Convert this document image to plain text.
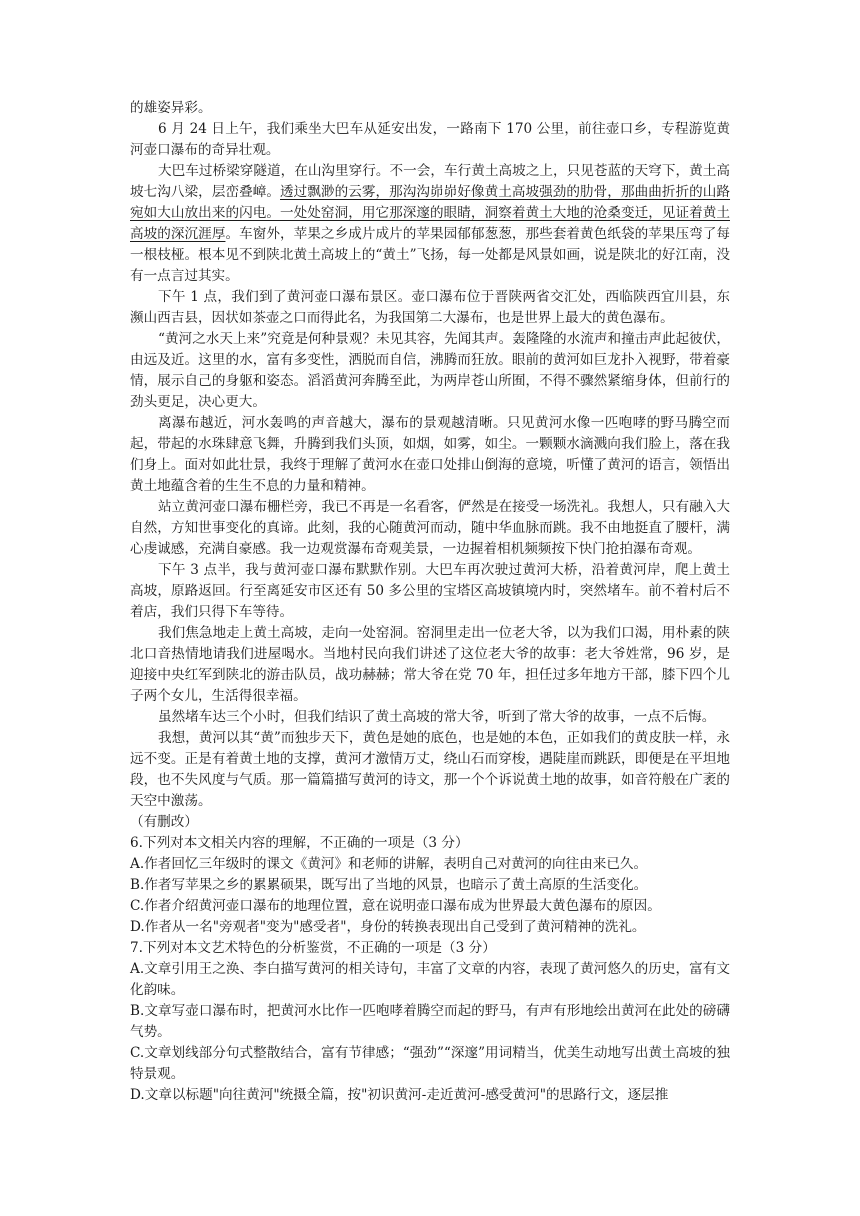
的雄姿异彩。

6 月 24 日上午，我们乘坐大巴车从延安出发，一路南下 170 公里，前往壶口乡，专程游览黄河壶口瀑布的奇异壮观。

大巴车过桥梁穿隧道，在山沟里穿行。不一会，车行黄土高坡之上，只见苍蓝的天穹下，黄土高坡七沟八梁，层峦叠嶂。透过飘渺的云雾，那沟沟峁峁好像黄土高坡强劲的肋骨，那曲曲折折的山路宛如大山放出来的闪电。一处处窑洞，用它那深邃的眼睛，洞察着黄土大地的沧桑变迁，见证着黄土高坡的深沉涯厚。车窗外，苹果之乡成片成片的苹果园郁郁葱葱，那些套着黄色纸袋的苹果压弯了每一根枝桠。根本见不到陕北黄土高坡上的“黄土”飞扬，每一处都是风景如画，说是陕北的好江南，没有一点言过其实。

下午 1 点，我们到了黄河壶口瀑布景区。壶口瀑布位于晋陕两省交汇处，西临陕西宜川县，东濒山西吉县，因状如茶壶之口而得此名，为我国第二大瀑布，也是世界上最大的黄色瀑布。

“黄河之水天上来”究竟是何种景观？未见其容，先闻其声。轰隆隆的水流声和撞击声此起彼伏，由远及近。这里的水，富有多变性，洒脱而自信，沸腾而狂放。眼前的黄河如巨龙扑入视野，带着豪情，展示自己的身躯和姿态。滔滔黄河奔腾至此，为两岸苍山所囿，不得不骤然紧缩身体，但前行的劲头更足，决心更大。

离瀑布越近，河水轰鸣的声音越大，瀑布的景观越清晰。只见黄河水像一匹咆哮的野马腾空而起，带起的水珠肆意飞舞，升腾到我们头顶，如烟，如雾，如尘。一颗颗水滴溅向我们脸上，落在我们身上。面对如此壮景，我终于理解了黄河水在壶口处排山倒海的意境，听懂了黄河的语言，领悟出黄土地蕴含着的生生不息的力量和精神。

站立黄河壶口瀑布栅栏旁，我已不再是一名看客，俨然是在接受一场洗礼。我想人，只有融入大自然，方知世事变化的真谛。此刻，我的心随黄河而动，随中华血脉而跳。我不由地挺直了腰杆，满心虔诚感，充满自豪感。我一边观赏瀑布奇观美景，一边握着相机频频按下快门抢拍瀑布奇观。

下午 3 点半，我与黄河壶口瀑布默默作别。大巴车再次驶过黄河大桥，沿着黄河岸，爬上黄土高坡，原路返回。行至离延安市区还有 50 多公里的宝塔区高坡镇境内时，突然堵车。前不着村后不着店，我们只得下车等待。

我们焦急地走上黄土高坡，走向一处窑洞。窑洞里走出一位老大爷，以为我们口渴，用朴素的陕北口音热情地请我们进屋喝水。当地村民向我们讲述了这位老大爷的故事：老大爷姓常，96 岁，是迎接中央红军到陕北的游击队员，战功赫赫；常大爷在党 70 年，担任过多年地方干部，膝下四个儿子两个女儿，生活得很幸福。

虽然堵车达三个小时，但我们结识了黄土高坡的常大爷，听到了常大爷的故事，一点不后悔。

我想，黄河以其“黄”而独步天下，黄色是她的底色，也是她的本色，正如我们的黄皮肤一样，永远不变。正是有着黄土地的支撑，黄河才激情万丈，绕山石而穿梭，遇陡崖而跳跃，即便是在平坦地段，也不失风度与气质。那一篇篇描写黄河的诗文，那一个个诉说黄土地的故事，如音符般在广袤的天空中激荡。

（有删改）

6.下列对本文相关内容的理解，不正确的一项是（3 分）

A.作者回忆三年级时的课文《黄河》和老师的讲解，表明自己对黄河的向往由来已久。

B.作者写苹果之乡的累累硕果，既写出了当地的风景，也暗示了黄土高原的生活变化。

C.作者介绍黄河壶口瀑布的地理位置，意在说明壶口瀑布成为世界最大黄色瀑布的原因。

D.作者从一名"旁观者"变为"感受者"，身份的转换表现出自己受到了黄河精神的洗礼。

7.下列对本文艺术特色的分析鉴赏，不正确的一项是（3 分）

A.文章引用王之涣、李白描写黄河的相关诗句，丰富了文章的内容，表现了黄河悠久的历史，富有文化韵味。

B.文章写壶口瀑布时，把黄河水比作一匹咆哮着腾空而起的野马，有声有形地绘出黄河在此处的磅礴气势。

C.文章划线部分句式整散结合，富有节律感；“强劲”“深邃”用词精当，优美生动地写出黄土高坡的独特景观。

D.文章以标题"向往黄河"统摄全篇，按"初识黄河-走近黄河-感受黄河"的思路行文，逐层推
